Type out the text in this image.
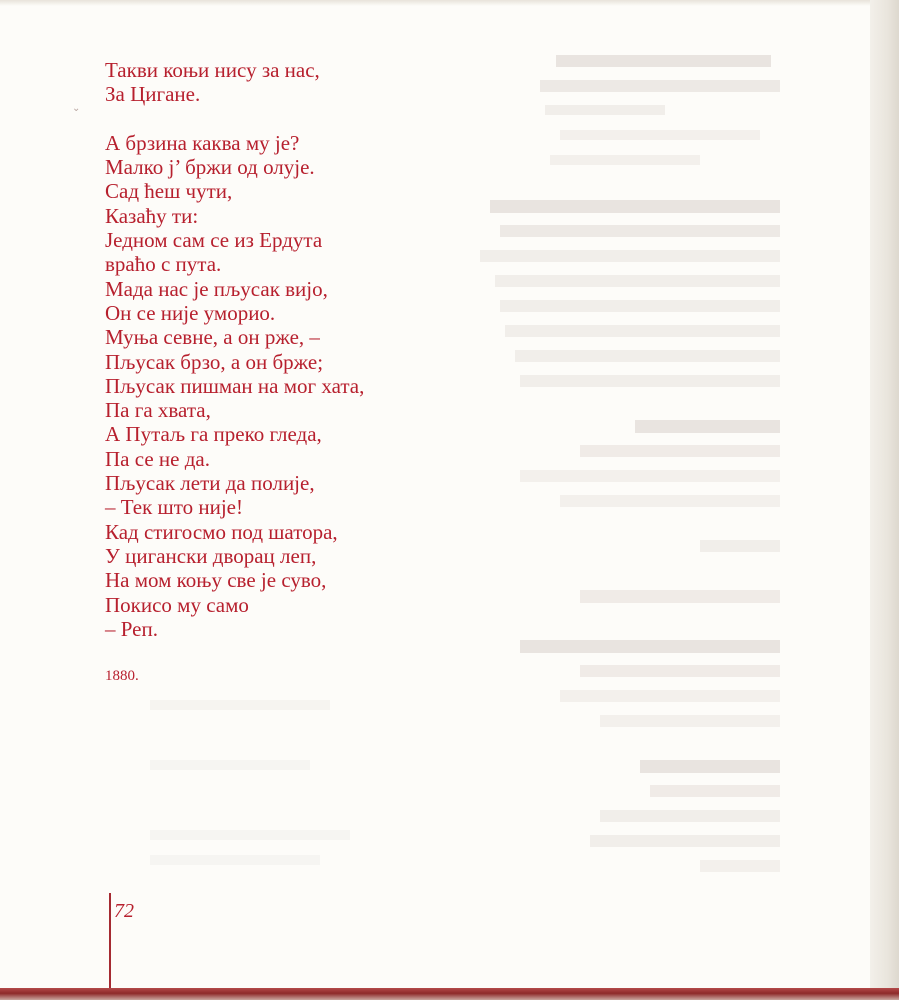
⌄
Такви коњи нису за нас,
За Цигане.
А брзина каква му је?
Малко ј’ бржи од олује.
Сад ћеш чути,
Казаћу ти:
Једном сам се из Ердута
враћо с пута.
Мада нас је пљусак вијо,
Он се није уморио.
Муња севне, а он рже, –
Пљусак брзо, а он брже;
Пљусак пишман на мог хата,
Па га хвата,
А Путаљ га преко гледа,
Па се не да.
Пљусак лети да полије,
– Тек што није!
Кад стигосмо под шатора,
У цигански дворац леп,
На мом коњу све је суво,
Покисо му само
– Реп.
1880.
72
